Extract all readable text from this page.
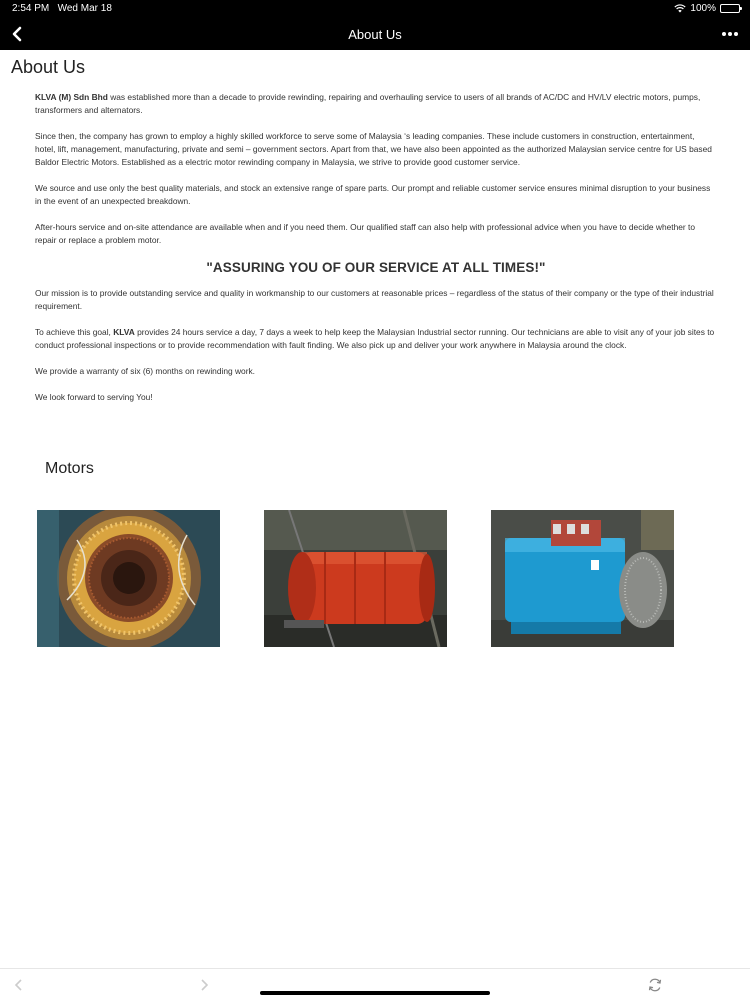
2:54 PM Wed Mar 18	100%
About Us
About Us

KLVA (M) Sdn Bhd was established more than a decade to provide rewinding, repairing and overhauling service to users of all brands of AC/DC and HV/LV electric motors, pumps, transformers and alternators.

Since then, the company has grown to employ a highly skilled workforce to serve some of Malaysia ‘s leading companies. These include customers in construction, entertainment, hotel, lift, management, manufacturing, private and semi – government sectors. Apart from that, we have also been appointed as the authorized Malaysian service centre for US based Baldor Electric Motors. Established as a electric motor rewinding company in Malaysia, we strive to provide good customer service.

We source and use only the best quality materials, and stock an extensive range of spare parts. Our prompt and reliable customer service ensures minimal disruption to your business in the event of an unexpected breakdown.

After-hours service and on-site attendance are available when and if you need them. Our qualified staff can also help with professional advice when you have to decide whether to repair or replace a problem motor.

"ASSURING YOU OF OUR SERVICE AT ALL TIMES!"

Our mission is to provide outstanding service and quality in workmanship to our customers at reasonable prices – regardless of the status of their company or the type of their industrial requirement.

To achieve this goal, KLVA provides 24 hours service a day, 7 days a week to help keep the Malaysian Industrial sector running. Our technicians are able to visit any of your job sites to conduct professional inspections or to provide recommendation with fault finding. We also pick up and deliver your work anywhere in Malaysia around the clock.

We provide a warranty of six (6) months on rewinding work.

We look forward to serving You!

Motors
